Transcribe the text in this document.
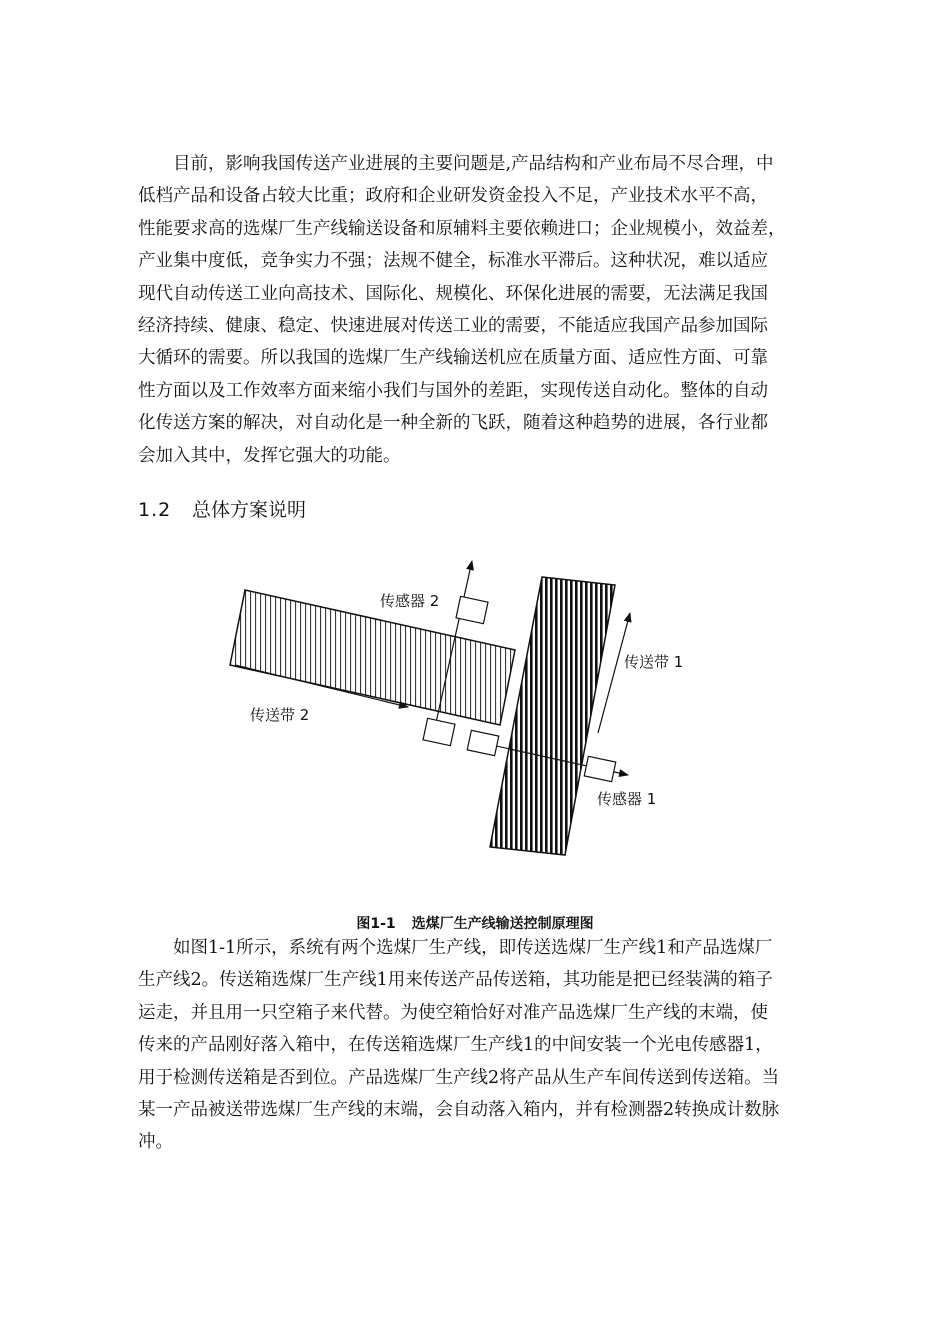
目前，影响我国传送产业进展的主要问题是,产品结构和产业布局不尽合理，中
低档产品和设备占较大比重；政府和企业研发资金投入不足，产业技术水平不高，
性能要求高的选煤厂生产线输送设备和原辅料主要依赖进口；企业规模小，效益差，
产业集中度低，竞争实力不强；法规不健全，标准水平滞后。这种状况，难以适应
现代自动传送工业向高技术、国际化、规模化、环保化进展的需要，无法满足我国
经济持续、健康、稳定、快速进展对传送工业的需要，不能适应我国产品参加国际
大循环的需要。所以我国的选煤厂生产线输送机应在质量方面、适应性方面、可靠
性方面以及工作效率方面来缩小我们与国外的差距，实现传送自动化。整体的自动
化传送方案的解决，对自动化是一种全新的飞跃，随着这种趋势的进展，各行业都
会加入其中，发挥它强大的功能。
1.2 总体方案说明
传感器 2
传送带 1
传送带 2
传感器 1
图1-1 选煤厂生产线输送控制原理图
如图1-1所示，系统有两个选煤厂生产线，即传送选煤厂生产线1和产品选煤厂
生产线2。传送箱选煤厂生产线1用来传送产品传送箱，其功能是把已经装满的箱子
运走，并且用一只空箱子来代替。为使空箱恰好对准产品选煤厂生产线的末端，使
传来的产品刚好落入箱中，在传送箱选煤厂生产线1的中间安装一个光电传感器1，
用于检测传送箱是否到位。产品选煤厂生产线2将产品从生产车间传送到传送箱。当
某一产品被送带选煤厂生产线的末端，会自动落入箱内，并有检测器2转换成计数脉
冲。
